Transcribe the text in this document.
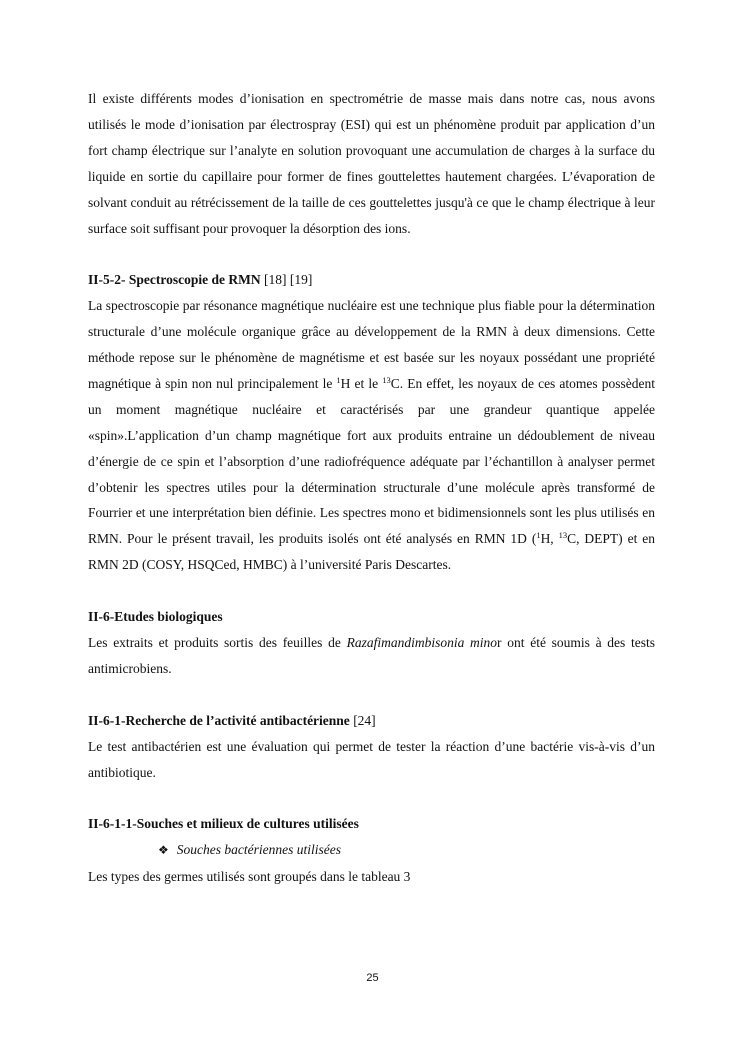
Il existe différents modes d’ionisation en spectrométrie de masse mais dans notre cas, nous avons utilisés le mode d’ionisation par électrospray (ESI) qui est un phénomène produit par application d’un fort champ électrique sur l’analyte en solution provoquant une accumulation de charges à la surface du liquide en sortie du capillaire pour former de fines gouttelettes hautement chargées. L’évaporation de solvant conduit au rétrécissement de la taille de ces gouttelettes jusqu'à ce que le champ électrique à leur surface soit suffisant pour provoquer la désorption des ions.

II-5-2- Spectroscopie de RMN [18] [19]

La spectroscopie par résonance magnétique nucléaire est une technique plus fiable pour la détermination structurale d’une molécule organique grâce au développement de la RMN à deux dimensions. Cette méthode repose sur le phénomène de magnétisme et est basée sur les noyaux possédant une propriété magnétique à spin non nul principalement le $^1$H et le $^{13}$C. En effet, les noyaux de ces atomes possèdent un moment magnétique nucléaire et caractérisés par une grandeur quantique appelée «spin».L’application d’un champ magnétique fort aux produits entraine un dédoublement de niveau d’énergie de ce spin et l’absorption d’une radiofréquence adéquate par l’échantillon à analyser permet d’obtenir les spectres utiles pour la détermination structurale d’une molécule après transformé de Fourrier et une interprétation bien définie. Les spectres mono et bidimensionnels sont les plus utilisés en RMN. Pour le présent travail, les produits isolés ont été analysés en RMN 1D ($^1$H, $^{13}$C, DEPT) et en RMN 2D (COSY, HSQCed, HMBC) à l’université Paris Descartes.

II-6-Etudes biologiques

Les extraits et produits sortis des feuilles de Razafimandimbisonia minor ont été soumis à des tests antimicrobiens.

II-6-1-Recherche de l’activité antibactérienne [24]

Le test antibactérien est une évaluation qui permet de tester la réaction d’une bactérie vis-à-vis d’un antibiotique.

II-6-1-1-Souches et milieux de cultures utilisées

❖ Souches bactériennes utilisées

Les types des germes utilisés sont groupés dans le tableau 3

25
